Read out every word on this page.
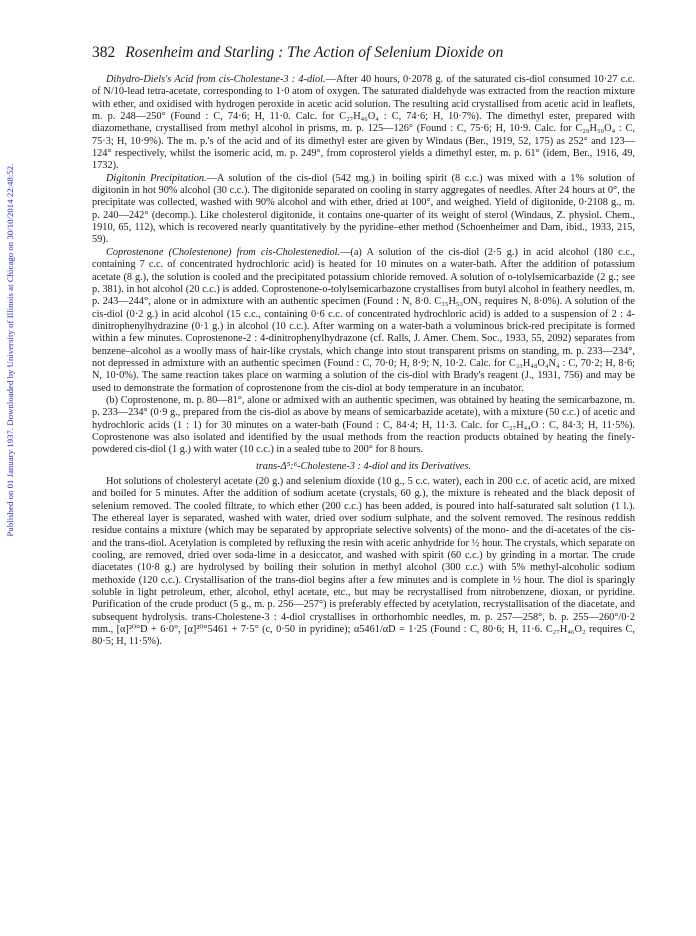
Published on 01 January 1937. Downloaded by University of Illinois at Chicago on 30/10/2014 22:48:52.
382 Rosenheim and Starling : The Action of Selenium Dioxide on

Dihydro-Diels's Acid from cis-Cholestane-3 : 4-diol.—After 40 hours, 0·2078 g. of the saturated cis-diol consumed 10·27 c.c. of N/10-lead tetra-acetate, corresponding to 1·0 atom of oxygen. The saturated dialdehyde was extracted from the reaction mixture with ether, and oxidised with hydrogen peroxide in acetic acid solution. The resulting acid crystallised from acetic acid in leaflets, m. p. 248—250° (Found : C, 74·6; H, 11·0. Calc. for C₂₇H₄₆O₄ : C, 74·6; H, 10·7%). The dimethyl ester, prepared with diazomethane, crystallised from methyl alcohol in prisms, m. p. 125—126° (Found : C, 75·6; H, 10·9. Calc. for C₂₉H₅₀O₄ : C, 75·3; H, 10·9%). The m. p.'s of the acid and of its dimethyl ester are given by Windaus (Ber., 1919, 52, 175) as 252° and 123—124° respectively, whilst the isomeric acid, m. p. 249°, from coprosterol yields a dimethyl ester, m. p. 61° (idem, Ber., 1916, 49, 1732).

Digitonin Precipitation.—A solution of the cis-diol (542 mg.) in boiling spirit (8 c.c.) was mixed with a 1% solution of digitonin in hot 90% alcohol (30 c.c.). The digitonide separated on cooling in starry aggregates of needles. After 24 hours at 0°, the precipitate was collected, washed with 90% alcohol and with ether, dried at 100°, and weighed. Yield of digitonide, 0·2108 g., m. p. 240—242° (decomp.). Like cholesterol digitonide, it contains one-quarter of its weight of sterol (Windaus, Z. physiol. Chem., 1910, 65, 112), which is recovered nearly quantitatively by the pyridine–ether method (Schoenheimer and Dam, ibid., 1933, 215, 59).

Coprostenone (Cholestenone) from cis-Cholestenediol.—(a) A solution of the cis-diol (2·5 g.) in acid alcohol (180 c.c., containing 7 c.c. of concentrated hydrochloric acid) is heated for 10 minutes on a water-bath. After the addition of potassium acetate (8 g.), the solution is cooled and the precipitated potassium chloride removed. A solution of o-tolylsemicarbazide (2 g.; see p. 381). in hot alcohol (20 c.c.) is added. Coprostenone-o-tolylsemicarbazone crystallises from butyl alcohol in feathery needles, m. p. 243—244°, alone or in admixture with an authentic specimen (Found : N, 8·0. C₃₅H₅₃ON₃ requires N, 8·0%). A solution of the cis-diol (0·2 g.) in acid alcohol (15 c.c., containing 0·6 c.c. of concentrated hydrochloric acid) is added to a suspension of 2 : 4-dinitrophenylhydrazine (0·1 g.) in alcohol (10 c.c.). After warming on a water-bath a voluminous brick-red precipitate is formed within a few minutes. Coprostenone-2 : 4-dinitrophenylhydrazone (cf. Ralls, J. Amer. Chem. Soc., 1933, 55, 2092) separates from benzene–alcohol as a woolly mass of hair-like crystals, which change into stout transparent prisms on standing, m. p. 233—234°, not depressed in admixture with an authentic specimen (Found : C, 70·0; H, 8·9; N, 10·2. Calc. for C₃₃H₄₈O₄N₄ : C, 70·2; H, 8·6; N, 10·0%). The same reaction takes place on warming a solution of the cis-diol with Brady's reagent (J., 1931, 756) and may be used to demonstrate the formation of coprostenone from the cis-diol at body temperature in an incubator.

(b) Coprostenone, m. p. 80—81°, alone or admixed with an authentic specimen, was obtained by heating the semicarbazone, m. p. 233—234° (0·9 g., prepared from the cis-diol as above by means of semicarbazide acetate), with a mixture (50 c.c.) of acetic and hydrochloric acids (1 : 1) for 30 minutes on a water-bath (Found : C, 84·4; H, 11·3. Calc. for C₂₇H₄₄O : C, 84·3; H, 11·5%). Coprostenone was also isolated and identified by the usual methods from the reaction products obtained by heating the finely-powdered cis-diol (1 g.) with water (10 c.c.) in a sealed tube to 200° for 8 hours.

trans-Δ⁵:⁶-Cholestene-3 : 4-diol and its Derivatives.

Hot solutions of cholesteryl acetate (20 g.) and selenium dioxide (10 g., 5 c.c. water), each in 200 c.c. of acetic acid, are mixed and boiled for 5 minutes. After the addition of sodium acetate (crystals, 60 g.), the mixture is reheated and the black deposit of selenium removed. The cooled filtrate, to which ether (200 c.c.) has been added, is poured into half-saturated salt solution (1 l.). The ethereal layer is separated, washed with water, dried over sodium sulphate, and the solvent removed. The resinous reddish residue contains a mixture (which may be separated by appropriate selective solvents) of the mono- and the di-acetates of the cis- and the trans-diol. Acetylation is completed by refluxing the resin with acetic anhydride for ½ hour. The crystals, which separate on cooling, are removed, dried over soda-lime in a desiccator, and washed with spirit (60 c.c.) by grinding in a mortar. The crude diacetates (10·8 g.) are hydrolysed by boiling their solution in methyl alcohol (300 c.c.) with 5% methyl-alcoholic sodium methoxide (120 c.c.). Crystallisation of the trans-diol begins after a few minutes and is complete in ½ hour. The diol is sparingly soluble in light petroleum, ether, alcohol, ethyl acetate, etc., but may be recrystallised from nitrobenzene, dioxan, or pyridine. Purification of the crude product (5 g., m. p. 256—257°) is preferably effected by acetylation, recrystallisation of the diacetate, and subsequent hydrolysis. trans-Cholestene-3 : 4-diol crystallises in orthorhombic needles, m. p. 257—258°, b. p. 255—260°/0·2 mm., [α]²⁰°D + 6·0°, [α]²⁰°5461 + 7·5° (c, 0·50 in pyridine); α5461/αD = 1·25 (Found : C, 80·6; H, 11·6. C₂₇H₄₆O₂ requires C, 80·5; H, 11·5%).
